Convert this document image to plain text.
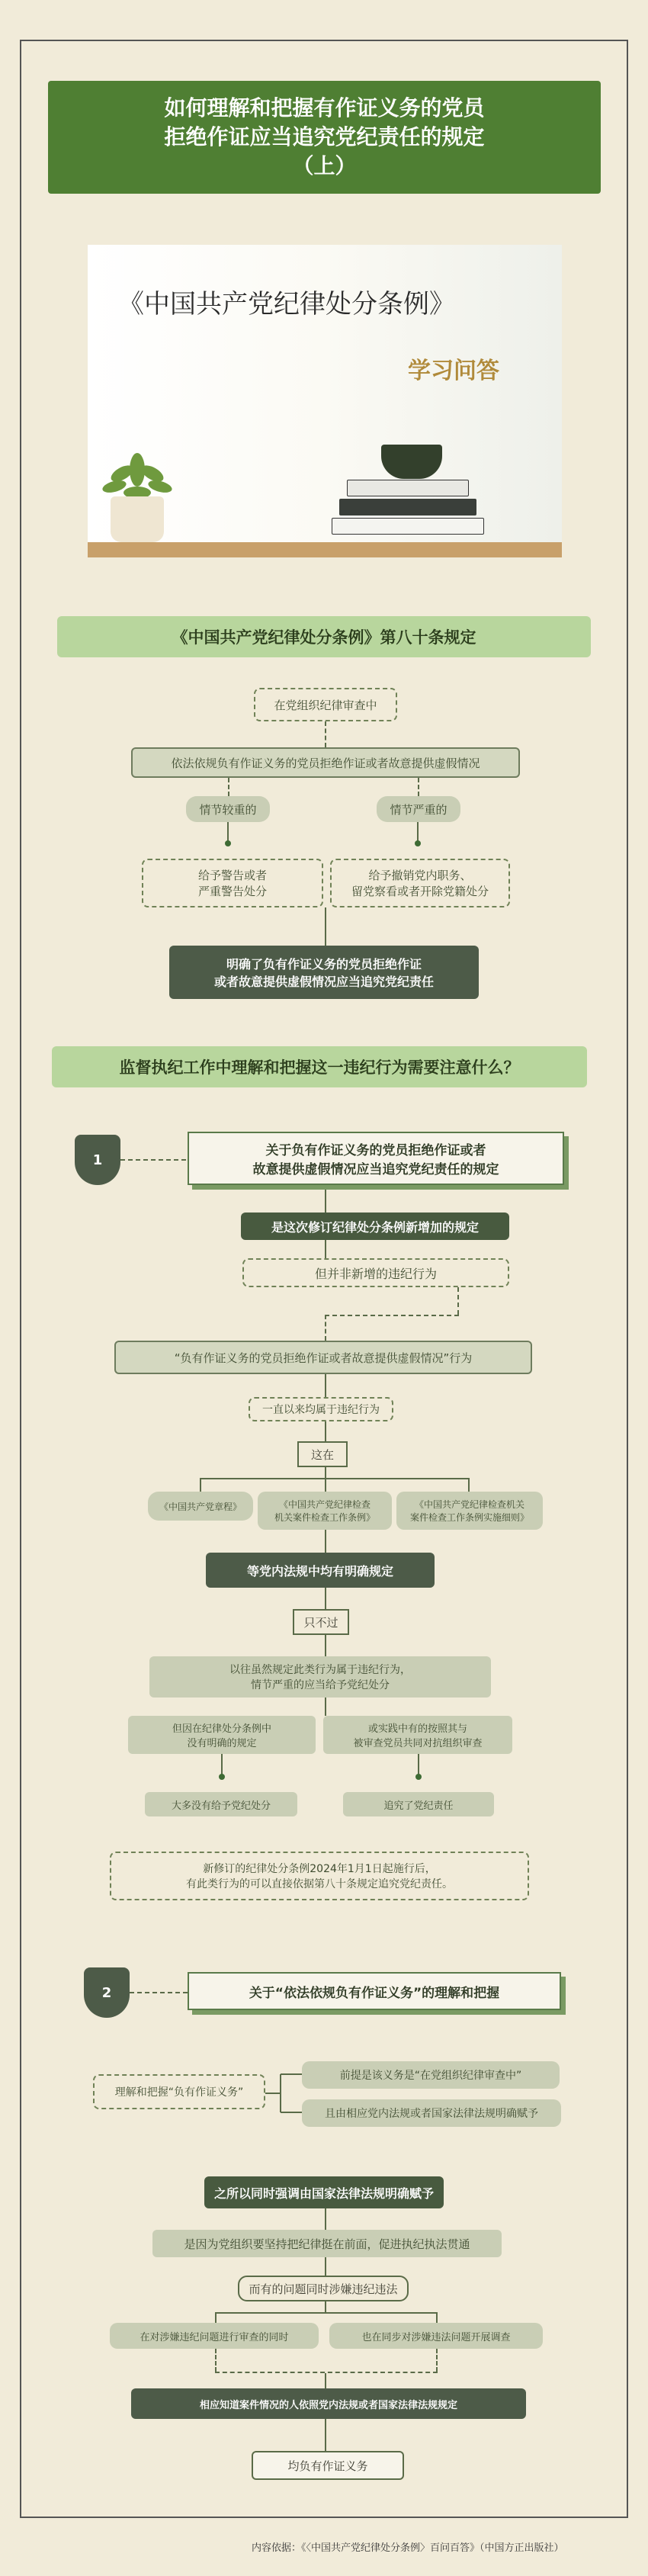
如何理解和把握有作证义务的党员
拒绝作证应当追究党纪责任的规定
（上）
《中国共产党纪律处分条例》
学习问答
《中国共产党纪律处分条例》第八十条规定
在党组织纪律审查中
依法依规负有作证义务的党员拒绝作证或者故意提供虚假情况
情节较重的	情节严重的
给予警告或者
严重警告处分
给予撤销党内职务、
留党察看或者开除党籍处分
明确了负有作证义务的党员拒绝作证
或者故意提供虚假情况应当追究党纪责任
监督执纪工作中理解和把握这一违纪行为需要注意什么？
1
关于负有作证义务的党员拒绝作证或者
故意提供虚假情况应当追究党纪责任的规定
是这次修订纪律处分条例新增加的规定
但并非新增的违纪行为
“负有作证义务的党员拒绝作证或者故意提供虚假情况”行为
一直以来均属于违纪行为
这在
《中国共产党章程》	《中国共产党纪律检查
机关案件检查工作条例》
《中国共产党纪律检查机关
案件检查工作条例实施细则》
等党内法规中均有明确规定
只不过
以往虽然规定此类行为属于违纪行为，
情节严重的应当给予党纪处分
但因在纪律处分条例中
没有明确的规定
或实践中有的按照其与
被审查党员共同对抗组织审查
大多没有给予党纪处分	追究了党纪责任
新修订的纪律处分条例2024年1月1日起施行后，
有此类行为的可以直接依据第八十条规定追究党纪责任。
2	关于“依法依规负有作证义务”的理解和把握
理解和把握“负有作证义务”
前提是该义务是“在党组织纪律审查中”
且由相应党内法规或者国家法律法规明确赋予
之所以同时强调由国家法律法规明确赋予
是因为党组织要坚持把纪律挺在前面，促进执纪执法贯通
而有的问题同时涉嫌违纪违法
在对涉嫌违纪问题进行审查的同时	也在同步对涉嫌违法问题开展调查
相应知道案件情况的人依照党内法规或者国家法律法规规定
均负有作证义务
内容依据：《〈中国共产党纪律处分条例〉百问百答》（中国方正出版社）
